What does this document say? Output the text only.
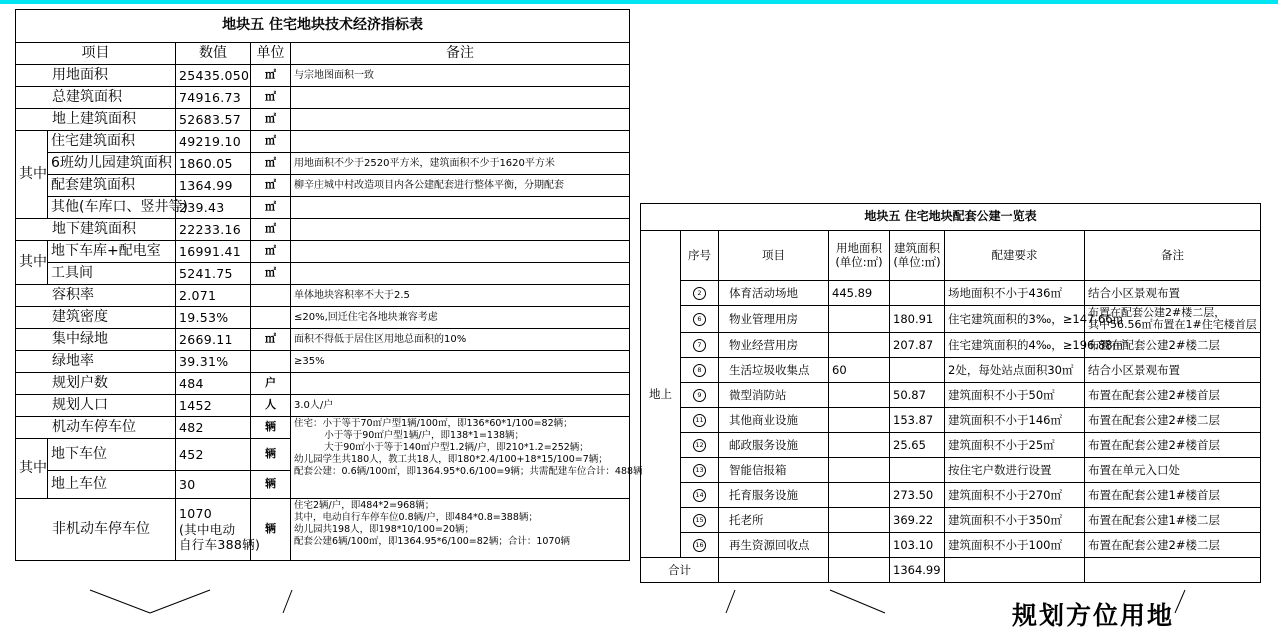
地块五 住宅地块技术经济指标表				
项目		数值	单位	备注
用地面积		25435.050	㎡	与宗地图面积一致
总建筑面积		74916.73	㎡	
地上建筑面积		52683.57	㎡	
其中	住宅建筑面积	49219.10	㎡	
	6班幼儿园建筑面积	1860.05	㎡	用地面积不少于2520平方米，建筑面积不少于1620平方米
	配套建筑面积	1364.99	㎡	柳辛庄城中村改造项目内各公建配套进行整体平衡，分期配套
	其他(车库口、竖井等)	239.43	㎡	
地下建筑面积		22233.16	㎡	
其中	地下车库+配电室	16991.41	㎡	
	工具间	5241.75	㎡	
容积率		2.071		单体地块容积率不大于2.5
建筑密度		19.53%		≤20%,回迁住宅各地块兼容考虑
集中绿地		2669.11	㎡	面积不得低于居住区用地总面积的10%
绿地率		39.31%		≥35%
规划户数		484	户	
规划人口		1452	人	3.0人/户
机动车停车位		482	辆	住宅：小于等于70㎡户型1辆/100㎡，即136*60*1/100=82辆；
小于等于90㎡户型1辆/户，即138*1=138辆；
大于90㎡小于等于140㎡户型1.2辆/户，即210*1.2=252辆；
幼儿园学生共180人，教工共18人，即180*2.4/100+18*15/100=7辆；
配套公建：0.6辆/100㎡，即1364.95*0.6/100=9辆；共需配建车位合计：488辆
其中	地下车位	452	辆	
	地上车位	30	辆	
非机动车停车位		1070
(其中电动
自行车388辆)	辆	住宅2辆/户，即484*2=968辆；
其中，电动自行车停车位0.8辆/户，即484*0.8=388辆；
幼儿园共198人，即198*10/100=20辆；
配套公建6辆/100㎡，即1364.95*6/100=82辆；合计：1070辆
地块五 住宅地块配套公建一览表						
地上	序号	项目	用地面积
(单位:㎡)	建筑面积
(单位:㎡)	配建要求	备注
	2	体育活动场地	445.89		场地面积不小于436㎡	结合小区景观布置
	6	物业管理用房		180.91	住宅建筑面积的3‰，≥147.66㎡	布置在配套公建2#楼二层，
其中56.56㎡布置在1#住宅楼首层
	7	物业经营用房		207.87	住宅建筑面积的4‰，≥196.88㎡	布置在配套公建2#楼二层
	8	生活垃圾收集点	60		2处，每处站点面积30㎡	结合小区景观布置
	9	微型消防站		50.87	建筑面积不小于50㎡	布置在配套公建2#楼首层
	11	其他商业设施		153.87	建筑面积不小于146㎡	布置在配套公建2#楼二层
	12	邮政服务设施		25.65	建筑面积不小于25㎡	布置在配套公建2#楼首层
	13	智能信报箱			按住宅户数进行设置	布置在单元入口处
	14	托育服务设施		273.50	建筑面积不小于270㎡	布置在配套公建1#楼首层
	15	托老所		369.22	建筑面积不小于350㎡	布置在配套公建1#楼二层
	16	再生资源回收点		103.10	建筑面积不小于100㎡	布置在配套公建2#楼二层
合计				1364.99		
规划方位用地
